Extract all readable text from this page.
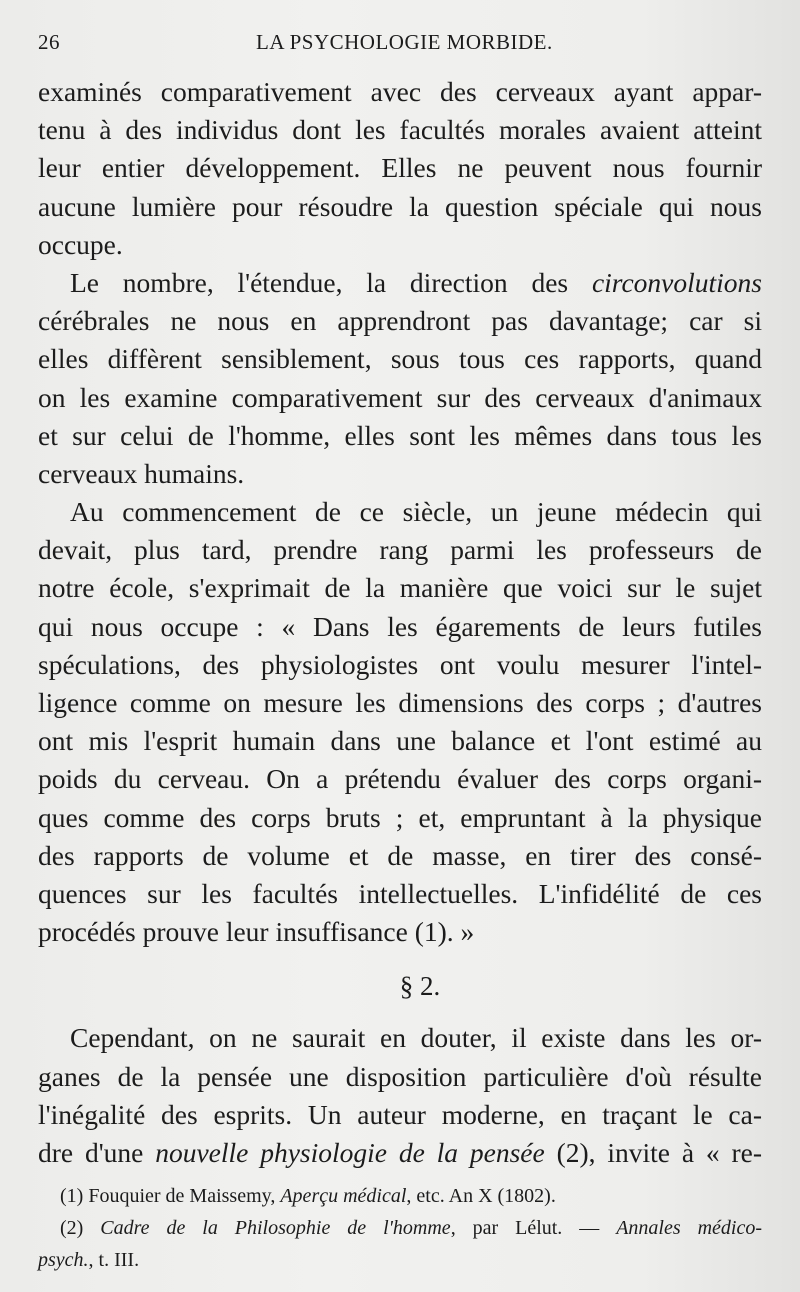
26	LA PSYCHOLOGIE MORBIDE.
examinés comparativement avec des cerveaux ayant appar-
tenu à des individus dont les facultés morales avaient atteint
leur entier développement. Elles ne peuvent nous fournir
aucune lumière pour résoudre la question spéciale qui nous
occupe.
Le nombre, l'étendue, la direction des circonvolutions
cérébrales ne nous en apprendront pas davantage; car si
elles diffèrent sensiblement, sous tous ces rapports, quand
on les examine comparativement sur des cerveaux d'animaux
et sur celui de l'homme, elles sont les mêmes dans tous les
cerveaux humains.
Au commencement de ce siècle, un jeune médecin qui
devait, plus tard, prendre rang parmi les professeurs de
notre école, s'exprimait de la manière que voici sur le sujet
qui nous occupe : « Dans les égarements de leurs futiles
spéculations, des physiologistes ont voulu mesurer l'intel-
ligence comme on mesure les dimensions des corps ; d'autres
ont mis l'esprit humain dans une balance et l'ont estimé au
poids du cerveau. On a prétendu évaluer des corps organi-
ques comme des corps bruts ; et, empruntant à la physique
des rapports de volume et de masse, en tirer des consé-
quences sur les facultés intellectuelles. L'infidélité de ces
procédés prouve leur insuffisance (1). »
§ 2.
Cependant, on ne saurait en douter, il existe dans les or-
ganes de la pensée une disposition particulière d'où résulte
l'inégalité des esprits. Un auteur moderne, en traçant le ca-
dre d'une nouvelle physiologie de la pensée (2), invite à « re-
(1) Fouquier de Maissemy, Aperçu médical, etc. An X (1802).
(2) Cadre de la Philosophie de l'homme, par Lélut. — Annales médico-
psych., t. III.
